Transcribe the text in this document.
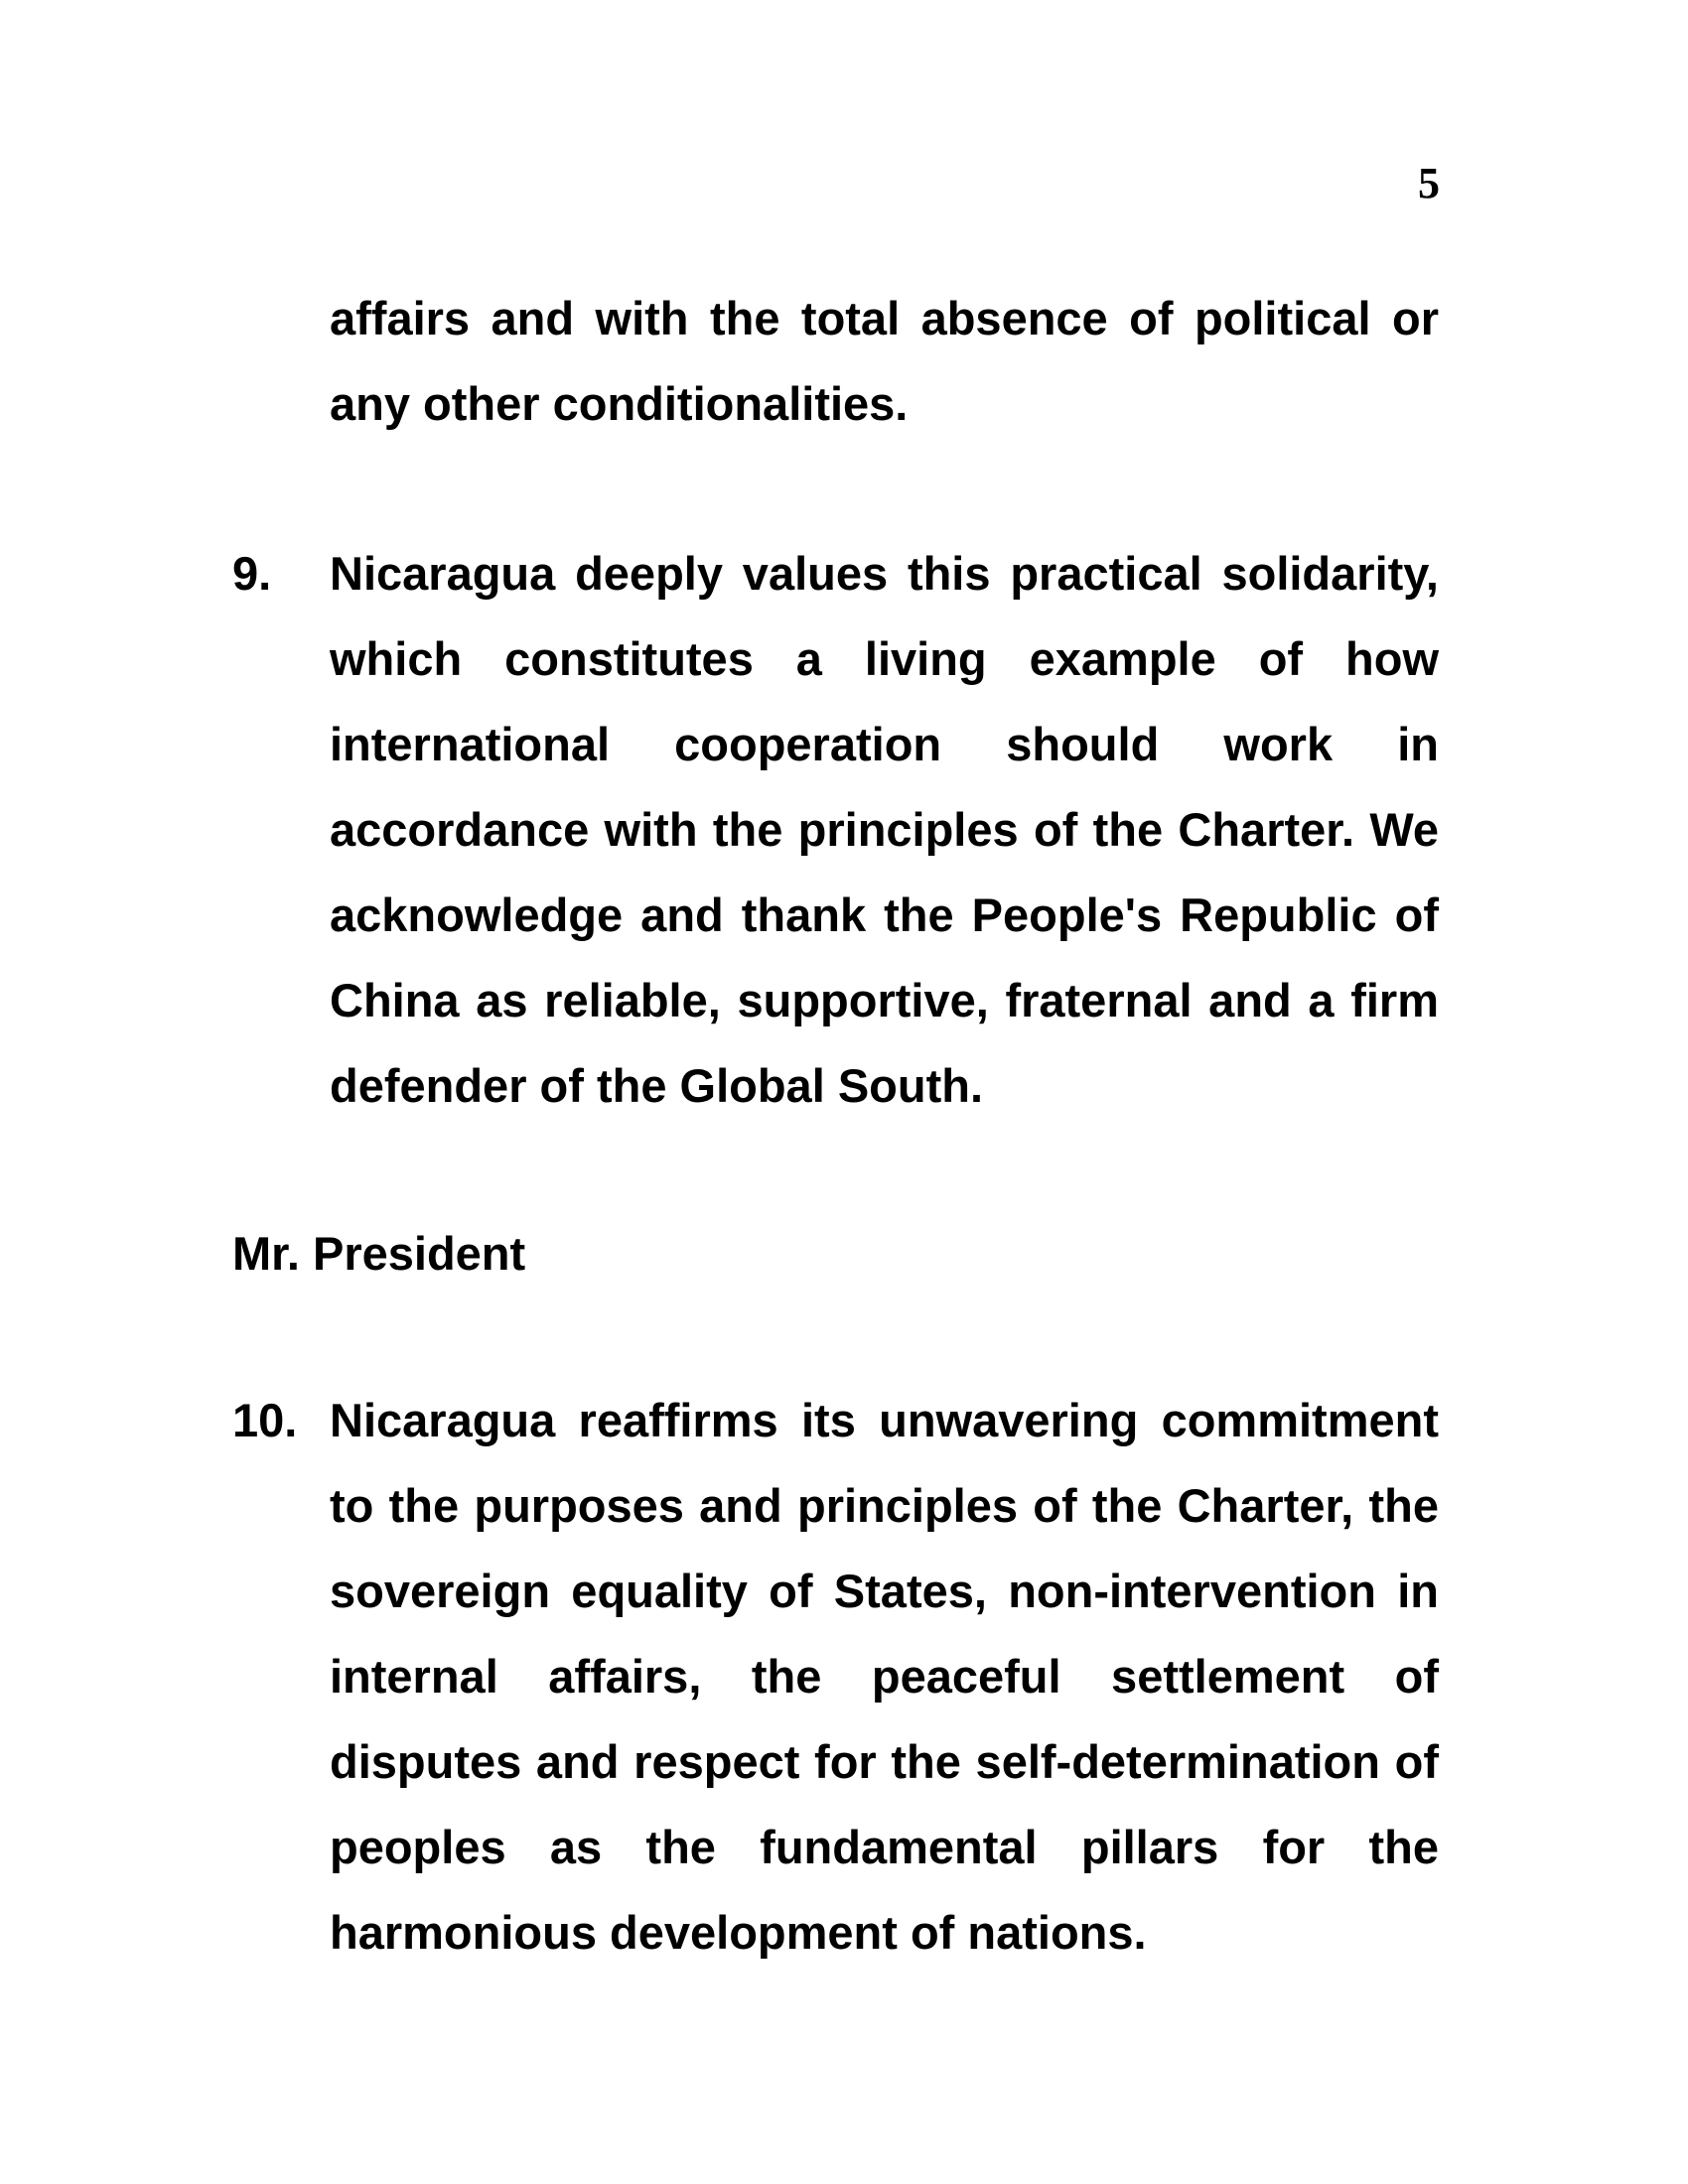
5

affairs and with the total absence of political or any other conditionalities.

9. Nicaragua deeply values this practical solidarity, which constitutes a living example of how international cooperation should work in accordance with the principles of the Charter. We acknowledge and thank the People's Republic of China as reliable, supportive, fraternal and a firm defender of the Global South.

Mr. President

10. Nicaragua reaffirms its unwavering commitment to the purposes and principles of the Charter, the sovereign equality of States, non-intervention in internal affairs, the peaceful settlement of disputes and respect for the self-determination of peoples as the fundamental pillars for the harmonious development of nations.
